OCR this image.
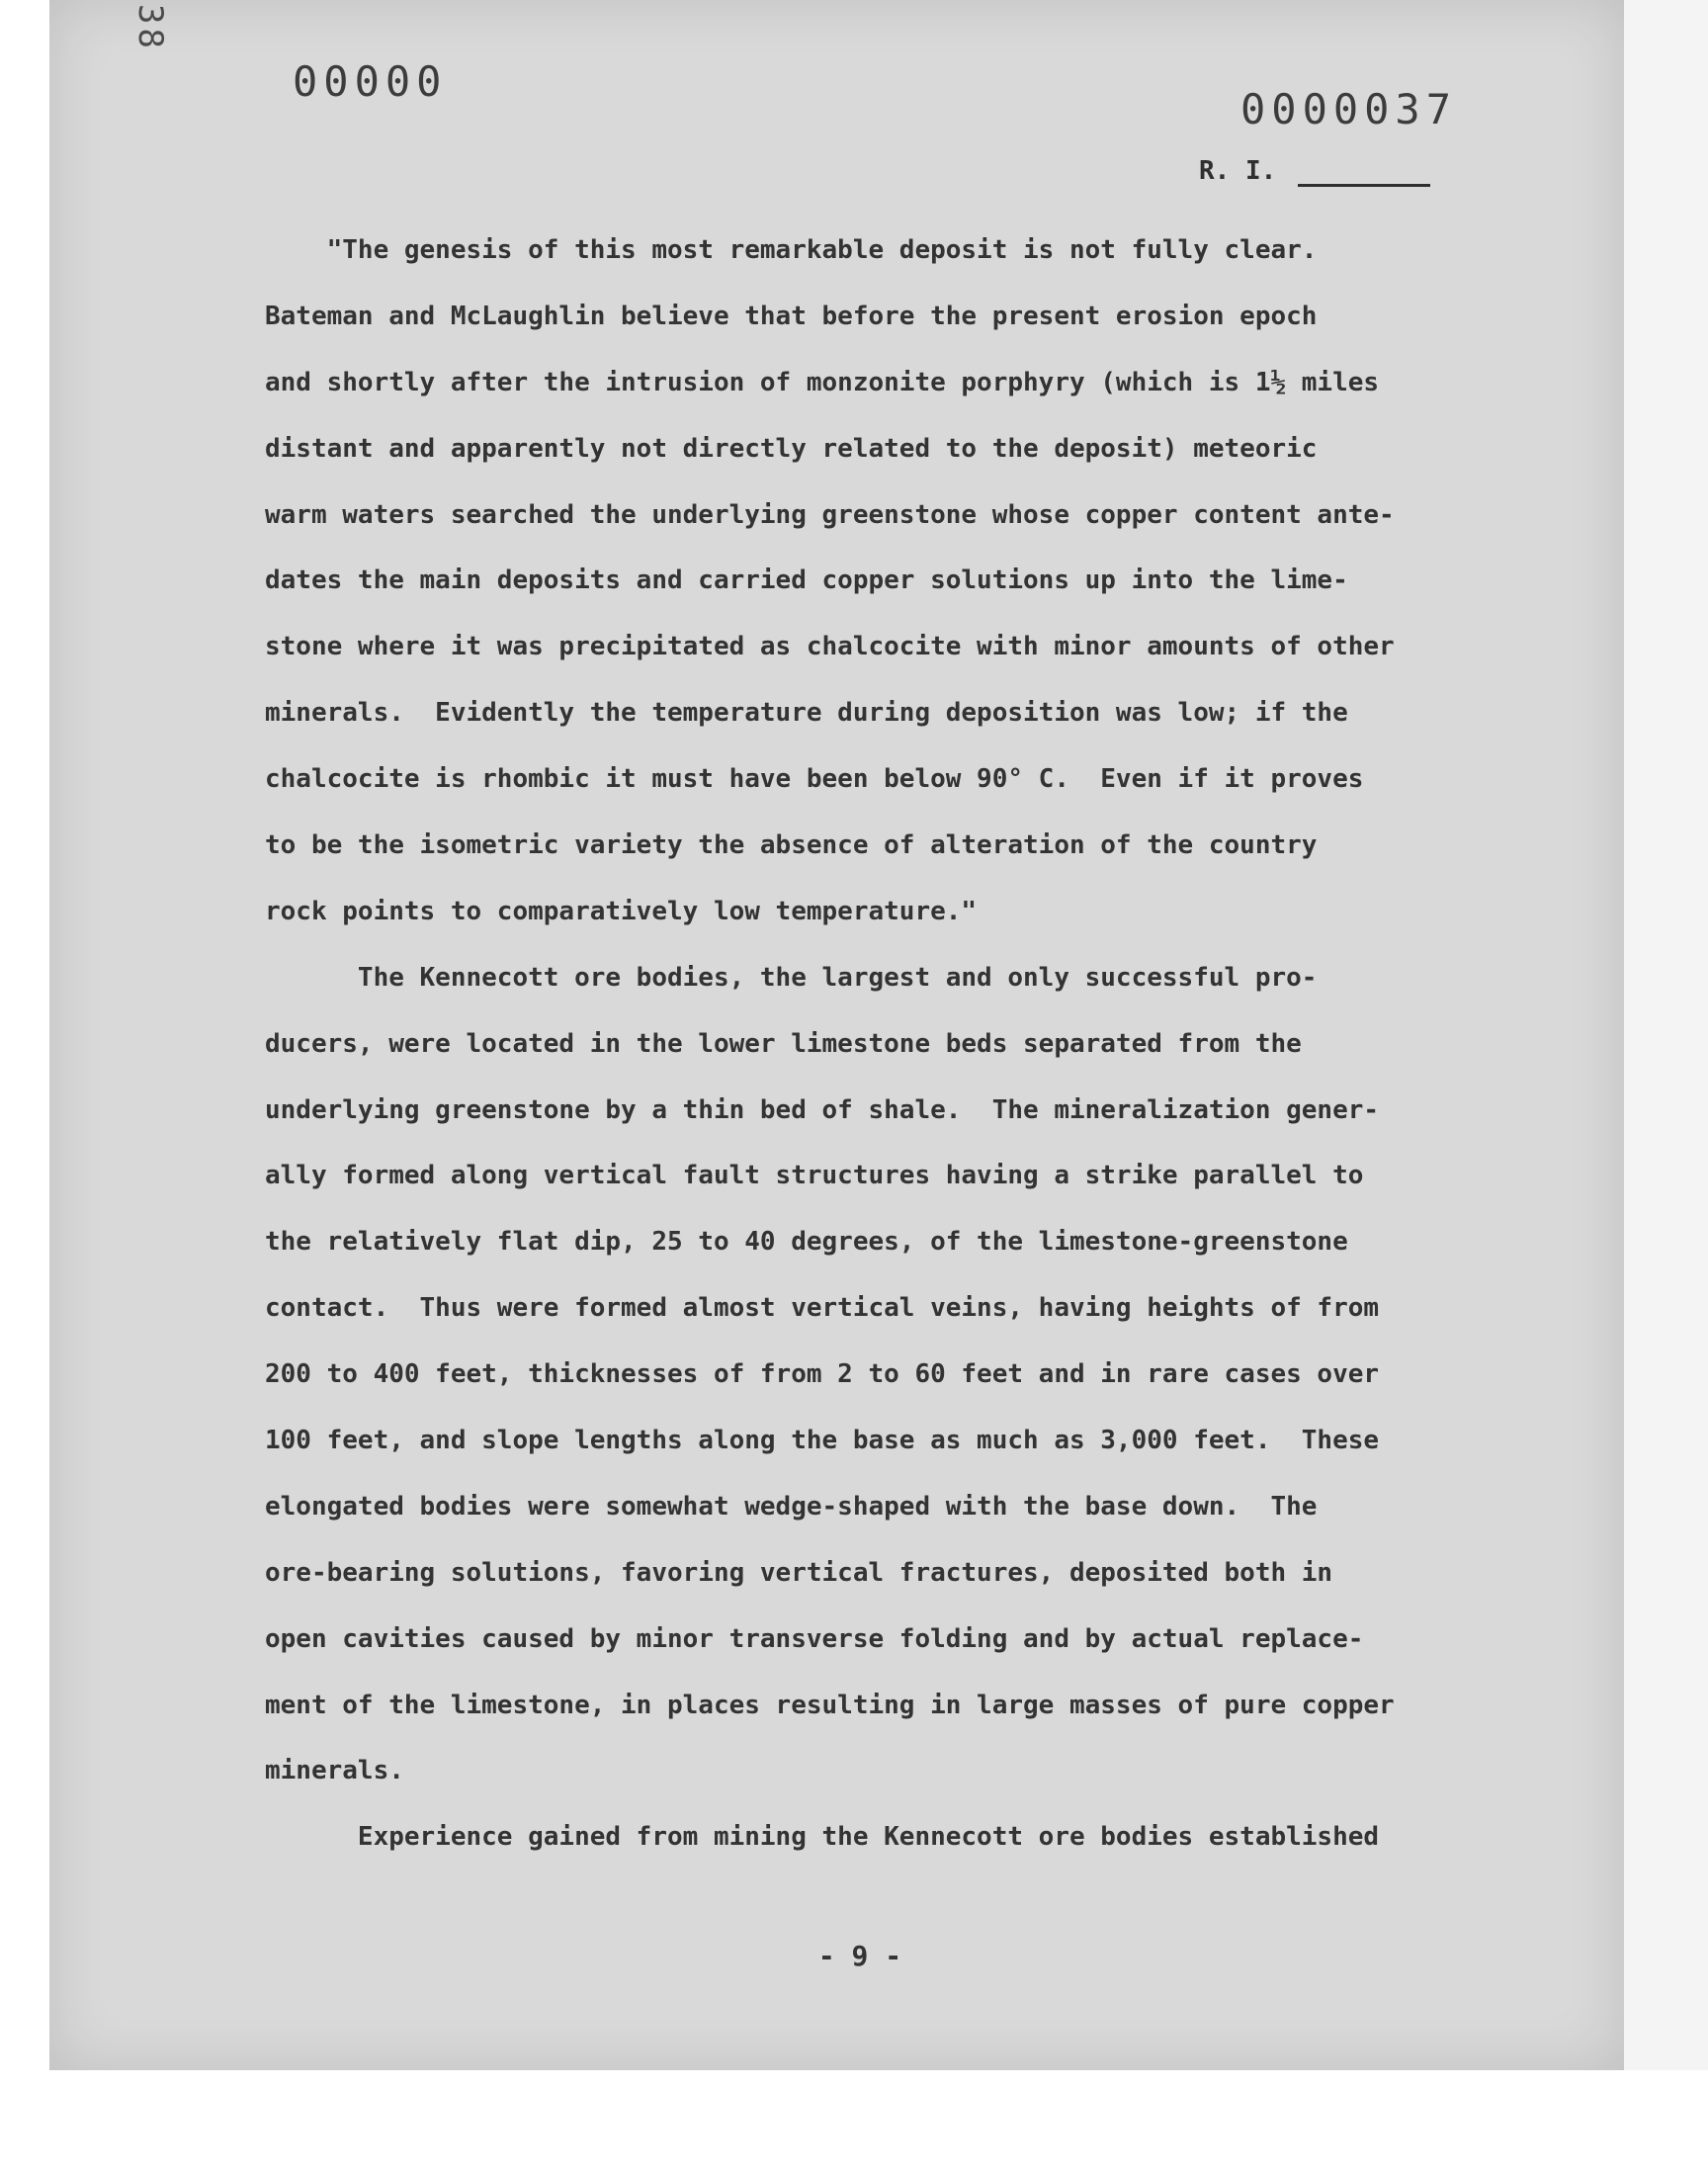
38
00000
0000037
R. I.
"The genesis of this most remarkable deposit is not fully clear.
Bateman and McLaughlin believe that before the present erosion epoch
and shortly after the intrusion of monzonite porphyry (which is 1½ miles
distant and apparently not directly related to the deposit) meteoric
warm waters searched the underlying greenstone whose copper content ante-
dates the main deposits and carried copper solutions up into the lime-
stone where it was precipitated as chalcocite with minor amounts of other
minerals.  Evidently the temperature during deposition was low; if the
chalcocite is rhombic it must have been below 90° C.  Even if it proves
to be the isometric variety the absence of alteration of the country
rock points to comparatively low temperature."
The Kennecott ore bodies, the largest and only successful pro-
ducers, were located in the lower limestone beds separated from the
underlying greenstone by a thin bed of shale.  The mineralization gener-
ally formed along vertical fault structures having a strike parallel to
the relatively flat dip, 25 to 40 degrees, of the limestone-greenstone
contact.  Thus were formed almost vertical veins, having heights of from
200 to 400 feet, thicknesses of from 2 to 60 feet and in rare cases over
100 feet, and slope lengths along the base as much as 3,000 feet.  These
elongated bodies were somewhat wedge-shaped with the base down.  The
ore-bearing solutions, favoring vertical fractures, deposited both in
open cavities caused by minor transverse folding and by actual replace-
ment of the limestone, in places resulting in large masses of pure copper
minerals.
Experience gained from mining the Kennecott ore bodies established
- 9 -
